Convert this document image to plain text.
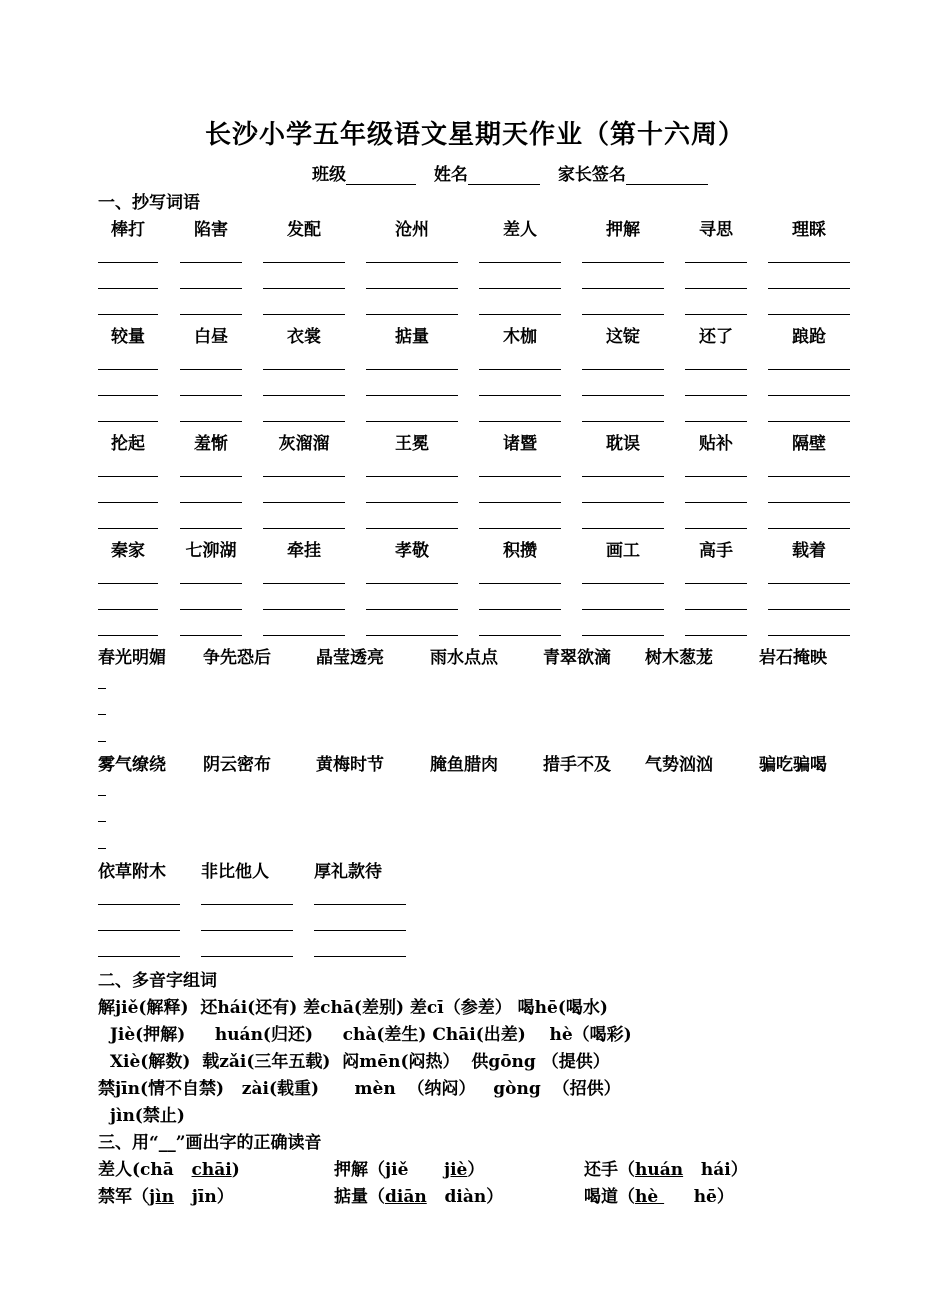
长沙小学五年级语文星期天作业（第十六周）
班级	姓名	家长签名
一、抄写词语
棒打	陷害	发配	沧州	差人	押解	寻思	理睬
较量	白昼	衣裳	掂量	木枷	这锭	还了	踉跄
抡起	羞惭	灰溜溜	王冕	诸暨	耽误	贴补	隔壁
秦家	七泖湖	牵挂	孝敬	积攒	画工	高手	载着
春光明媚 争先恐后	晶莹透亮	雨水点点	青翠欲滴 树木葱茏	岩石掩映
雾气缭绕 阴云密布	黄梅时节	腌鱼腊肉	措手不及 气势汹汹	骗吃骗喝
依草附木 非比他人	厚礼款待
二、多音字组词
解jiě(解释)  还hái(还有) 差chā(差别) 差cī（参差） 喝hē(喝水)
Jiè(押解)     huán(归还)     chà(差生) Chāi(出差)    hè（喝彩)
Xiè(解数)  载zǎi(三年五载)  闷mēn(闷热）  供gōng （提供）
禁jīn(情不自禁)   zài(载重)      mèn  （纳闷）   gòng  （招供）
jìn(禁止)
三、用“__”画出字的正确读音
差人(chā   chāi)	押解（jiě      jiè）	还手（huán   hái）
禁军（jìn   jīn）	掂量（diān   diàn）	喝道（hè      hē）
